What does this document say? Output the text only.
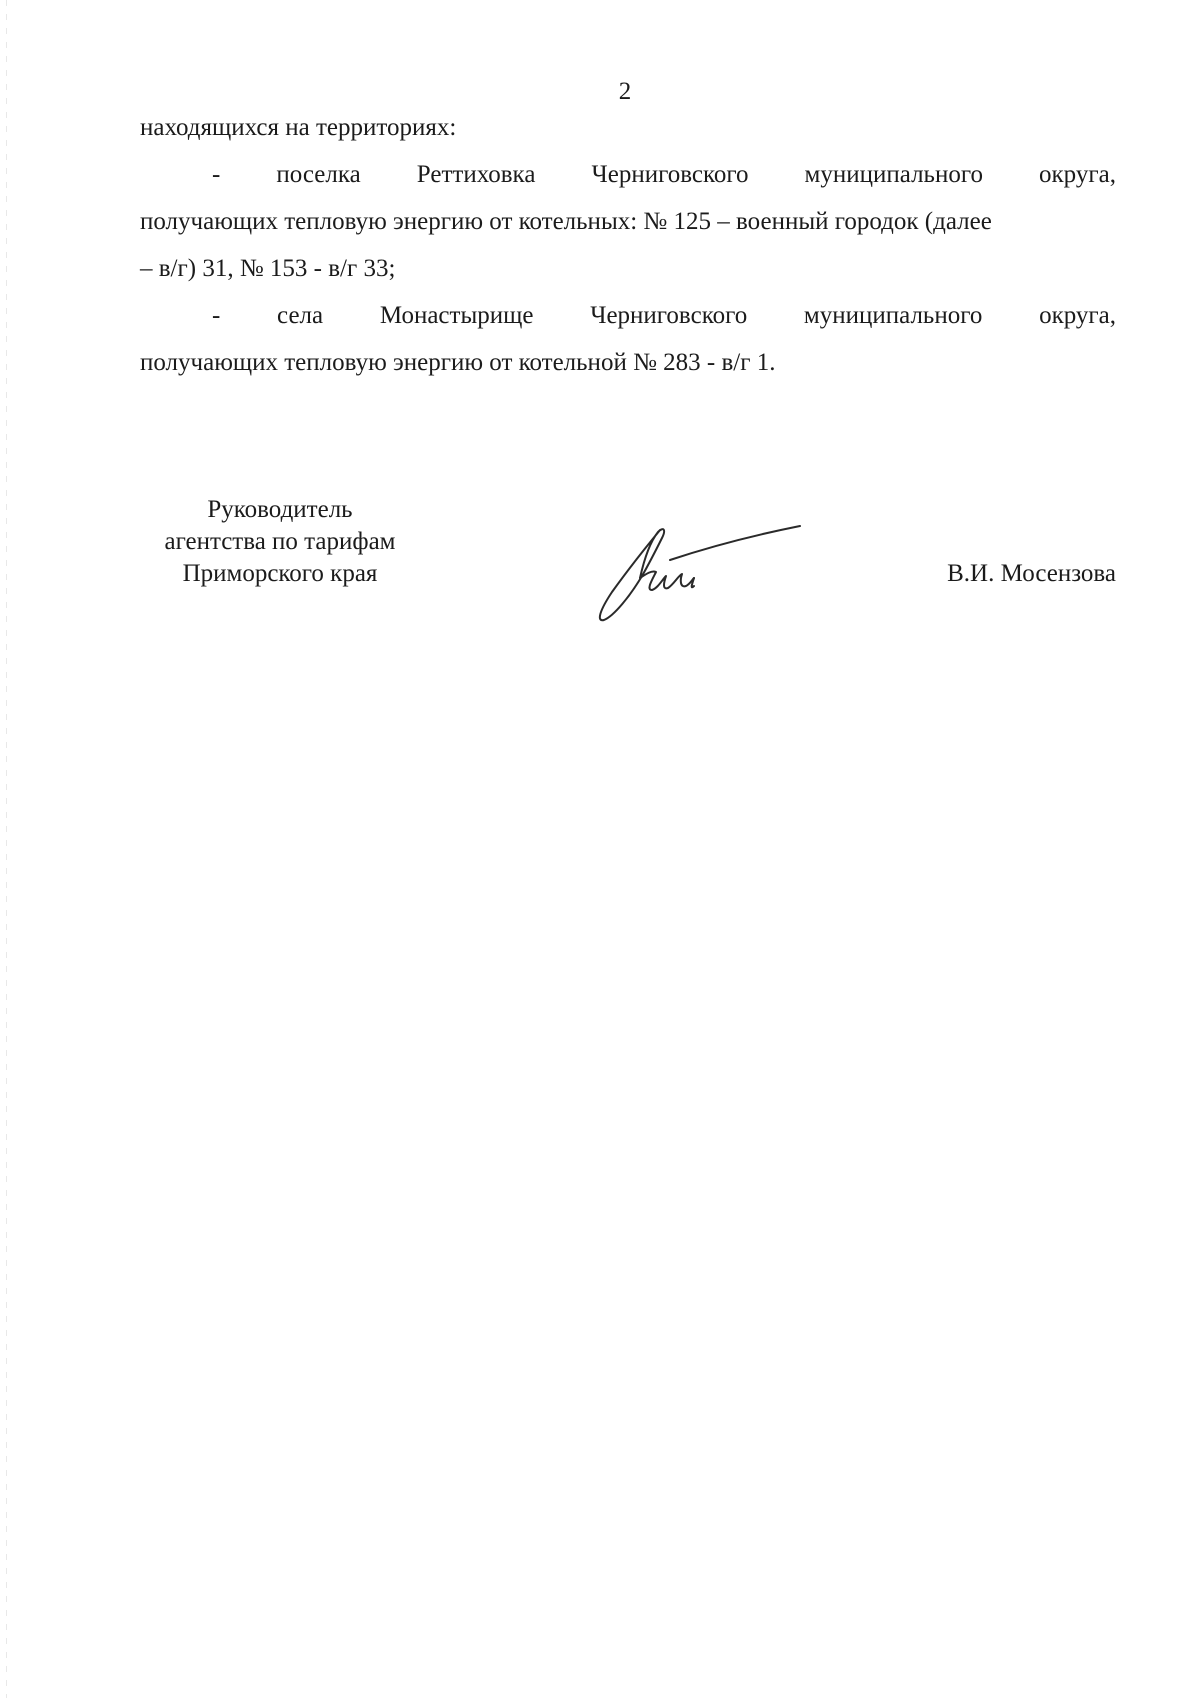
2
находящихся на территориях:
- поселка Реттиховка Черниговского муниципального округа,
получающих тепловую энергию от котельных: № 125 – военный городок (далее
– в/г) 31, № 153 - в/г 33;
- села Монастырище Черниговского муниципального округа,
получающих тепловую энергию от котельной № 283 - в/г 1.
Руководитель
агентства по тарифам
Приморского края	В.И. Мосензова
